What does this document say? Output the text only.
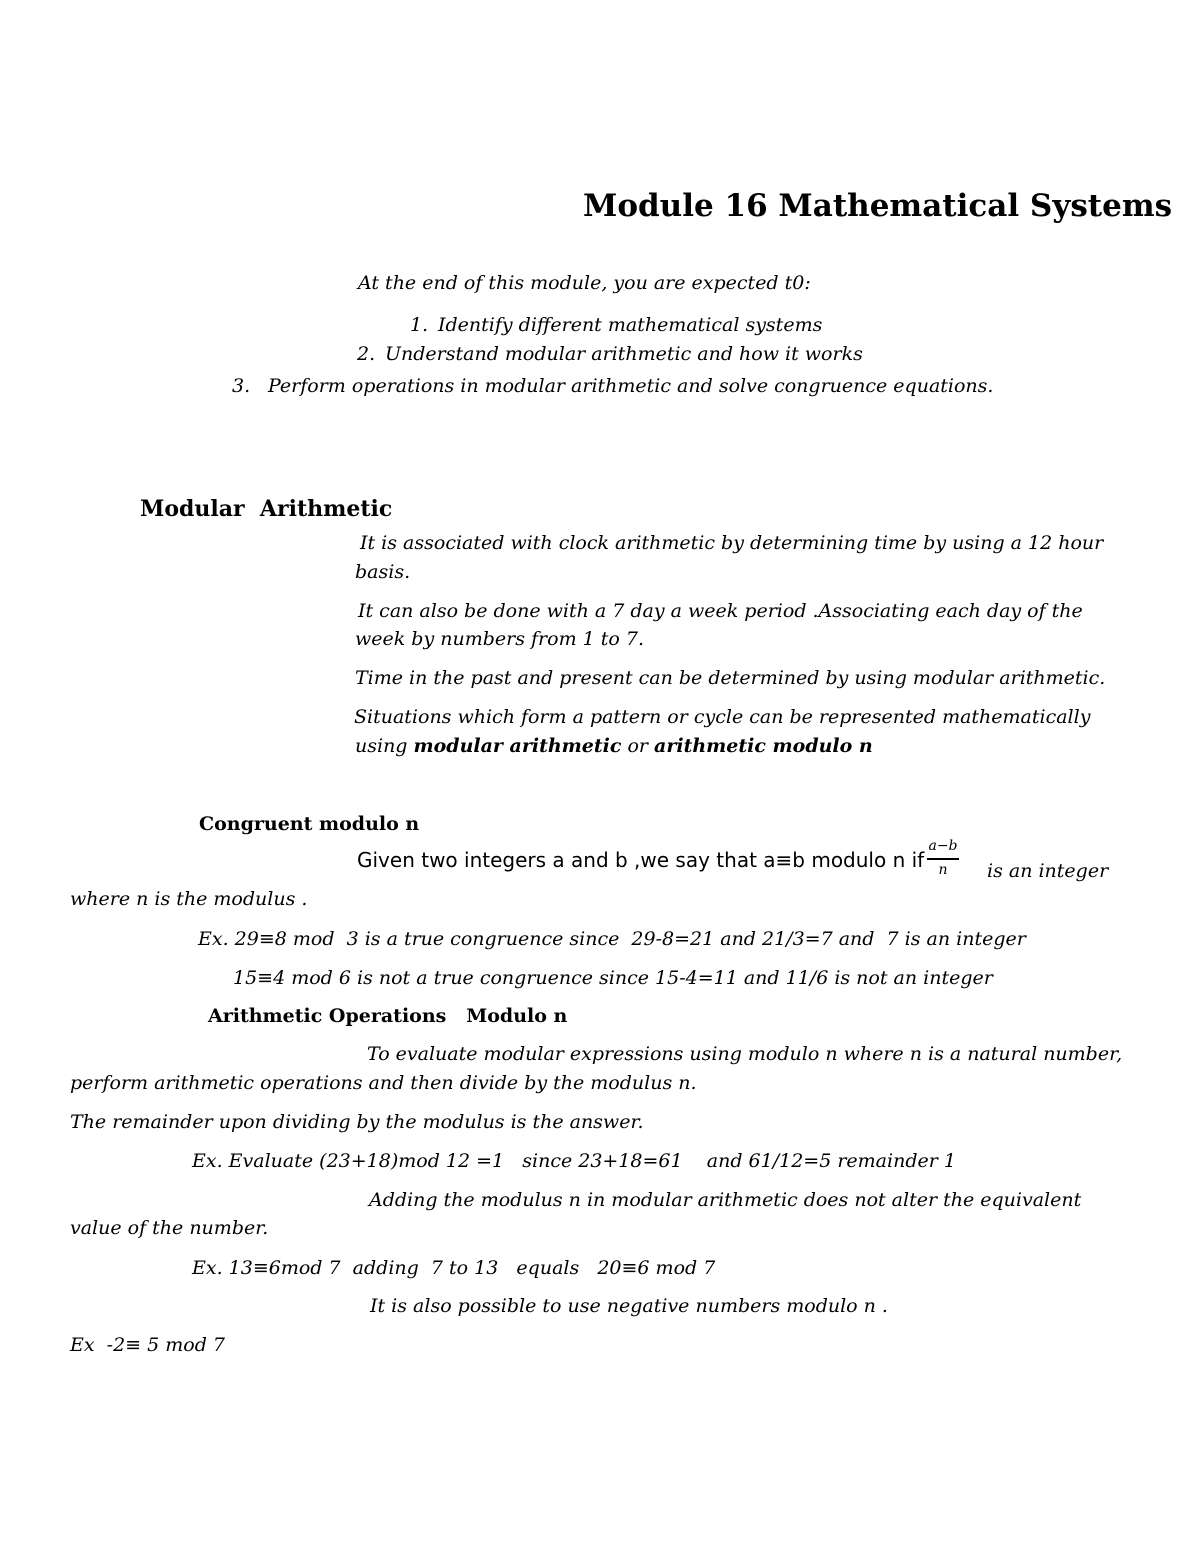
Module 16 Mathematical Systems
At the end of this module, you are expected t0:
1. Identify different mathematical systems
2. Understand modular arithmetic and how it works
3. Perform operations in modular arithmetic and solve congruence equations.
Modular  Arithmetic
It is associated with clock arithmetic by determining time by using a 12 hour
basis.
It can also be done with a 7 day a week period .Associating each day of the
week by numbers from 1 to 7.
Time in the past and present can be determined by using modular arithmetic.
Situations which form a pattern or cycle can be represented mathematically
using modular arithmetic or arithmetic modulo n
Congruent modulo n
Given two integers a and b ,we say that a≡b modulo n if
a−b
n	is an integer
where n is the modulus .
Ex. 29≡8 mod  3 is a true congruence since  29-8=21 and 21/3=7 and  7 is an integer
15≡4 mod 6 is not a true congruence since 15-4=11 and 11/6 is not an integer
Arithmetic Operations   Modulo n
To evaluate modular expressions using modulo n where n is a natural number,
perform arithmetic operations and then divide by the modulus n.
The remainder upon dividing by the modulus is the answer.
Ex. Evaluate (23+18)mod 12 =1   since 23+18=61    and 61/12=5 remainder 1
Adding the modulus n in modular arithmetic does not alter the equivalent
value of the number.
Ex. 13≡6mod 7  adding  7 to 13   equals   20≡6 mod 7
It is also possible to use negative numbers modulo n .
Ex  -2≡ 5 mod 7
